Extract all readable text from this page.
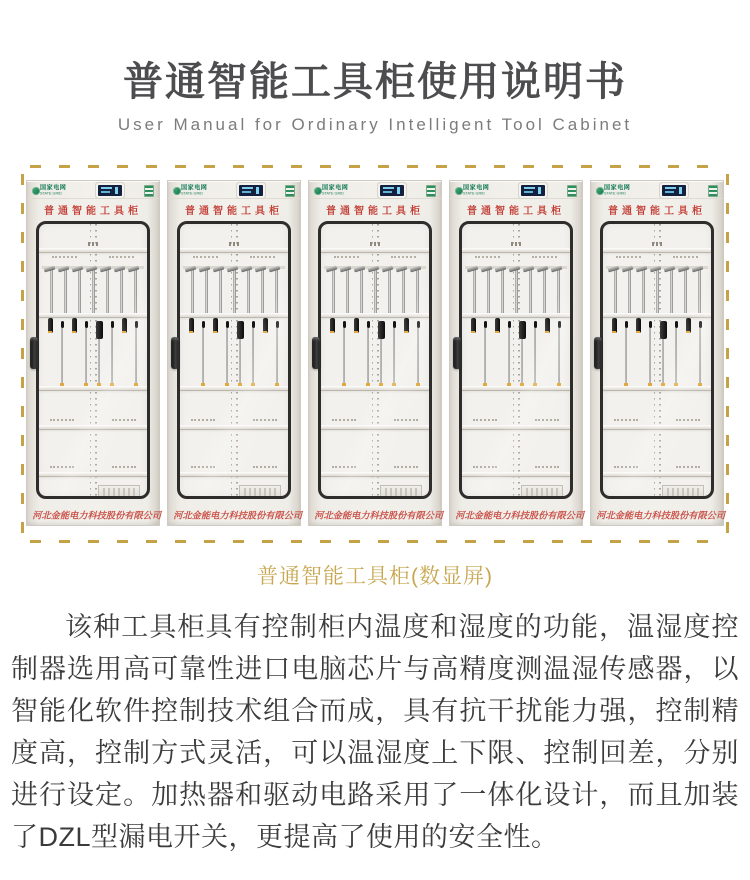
普通智能工具柜使用说明书
User Manual for Ordinary Intelligent Tool Cabinet
国家电网
STATE GRID
普通智能工具柜
河北金能电力科技股份有限公司
国家电网
STATE GRID
普通智能工具柜
河北金能电力科技股份有限公司
国家电网
STATE GRID
普通智能工具柜
河北金能电力科技股份有限公司
国家电网
STATE GRID
普通智能工具柜
河北金能电力科技股份有限公司
国家电网
STATE GRID
普通智能工具柜
河北金能电力科技股份有限公司
普通智能工具柜(数显屏)

该种工具柜具有控制柜内温度和湿度的功能，温湿度控制器选用高可靠性进口电脑芯片与高精度测温湿传感器，以智能化软件控制技术组合而成，具有抗干扰能力强，控制精度高，控制方式灵活，可以温湿度上下限、控制回差，分别进行设定。加热器和驱动电路采用了一体化设计，而且加装了DZL型漏电开关，更提高了使用的安全性。
